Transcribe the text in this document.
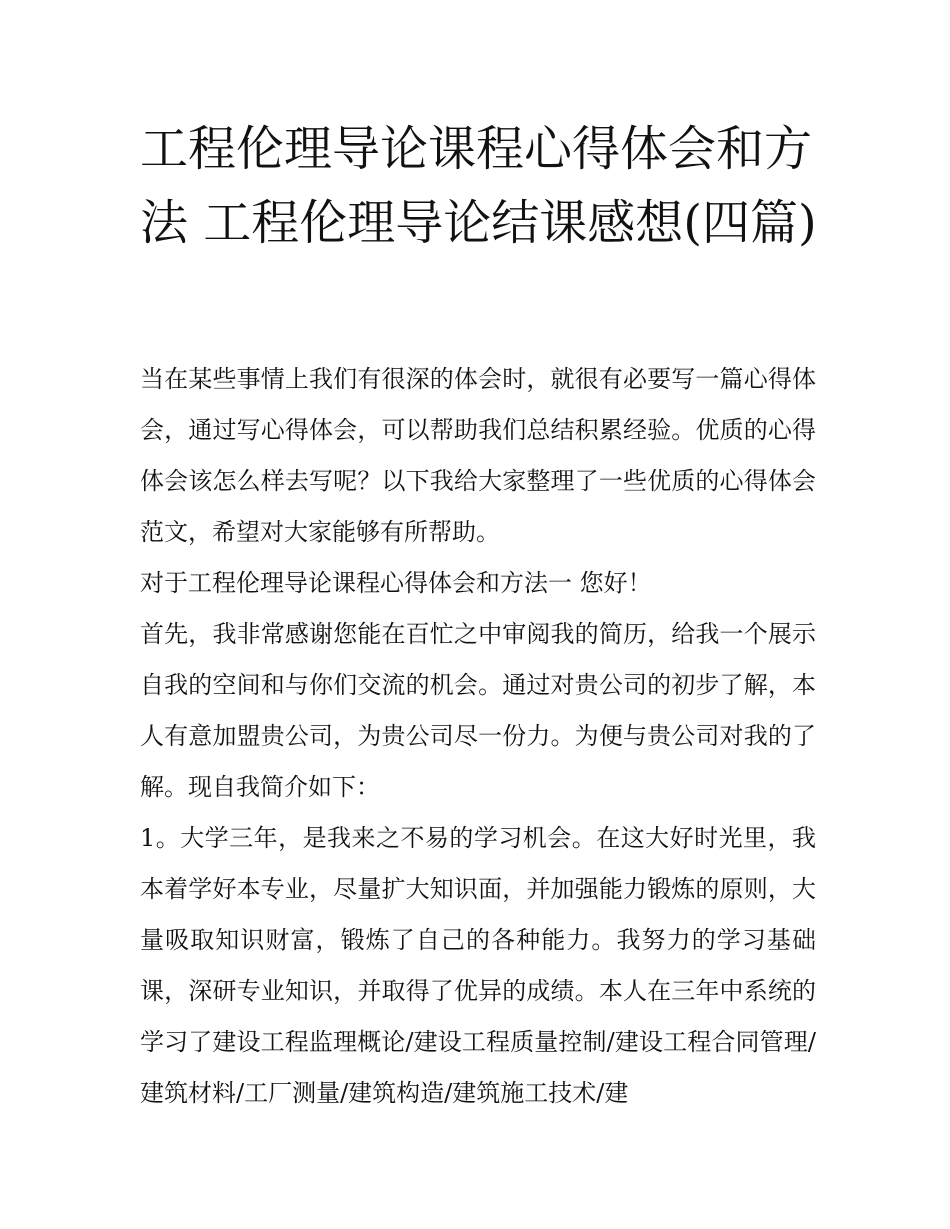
工程伦理导论课程心得体会和方法 工程伦理导论结课感想(四篇)

当在某些事情上我们有很深的体会时，就很有必要写一篇心得体会，通过写心得体会，可以帮助我们总结积累经验。优质的心得体会该怎么样去写呢？以下我给大家整理了一些优质的心得体会范文，希望对大家能够有所帮助。

对于工程伦理导论课程心得体会和方法一 您好！

首先，我非常感谢您能在百忙之中审阅我的简历，给我一个展示自我的空间和与你们交流的机会。通过对贵公司的初步了解，本人有意加盟贵公司，为贵公司尽一份力。为便与贵公司对我的了解。现自我简介如下：

1。大学三年，是我来之不易的学习机会。在这大好时光里，我本着学好本专业，尽量扩大知识面，并加强能力锻炼的原则，大量吸取知识财富，锻炼了自己的各种能力。我努力的学习基础课，深研专业知识，并取得了优异的成绩。本人在三年中系统的学习了建设工程监理概论/建设工程质量控制/建设工程合同管理/建筑材料/工厂测量/建筑构造/建筑施工技术/建
